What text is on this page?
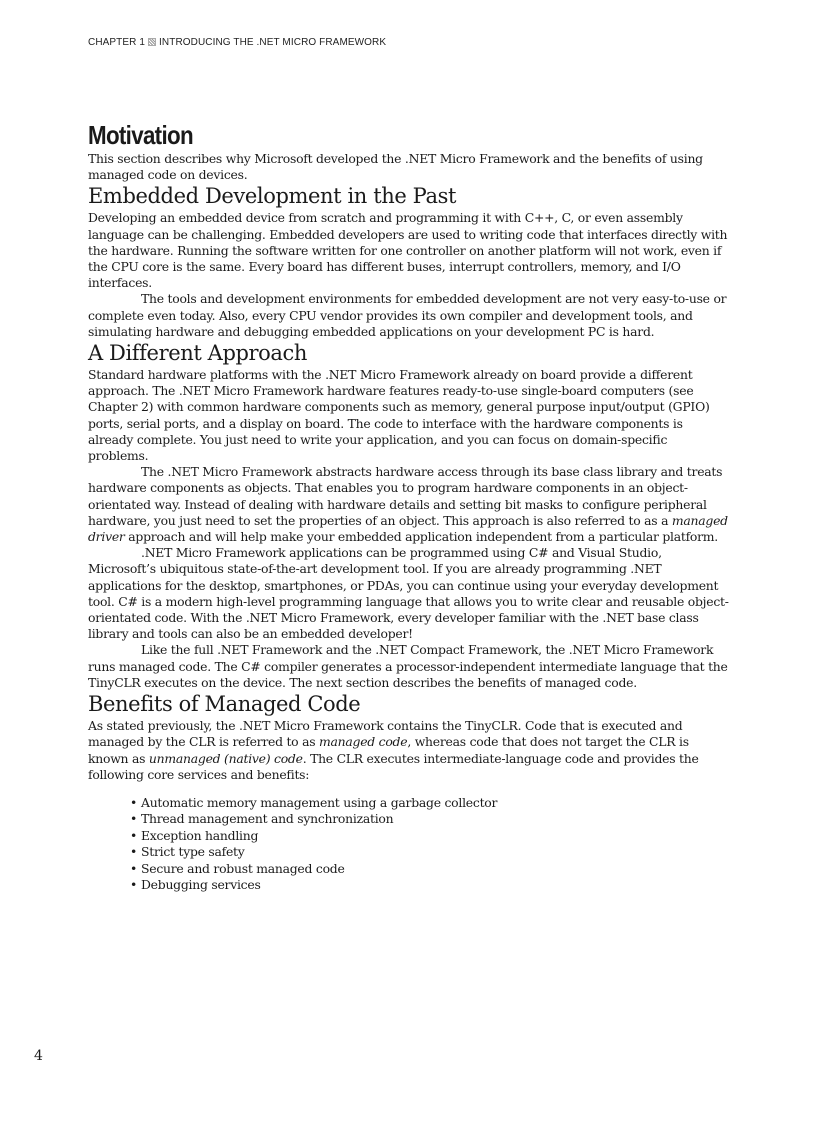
CHAPTER 1 INTRODUCING THE .NET MICRO FRAMEWORK
Motivation

This section describes why Microsoft developed the .NET Micro Framework and the benefits of using managed code on devices.

Embedded Development in the Past

Developing an embedded device from scratch and programming it with C++, C, or even assembly language can be challenging. Embedded developers are used to writing code that interfaces directly with the hardware. Running the software written for one controller on another platform will not work, even if the CPU core is the same. Every board has different buses, interrupt controllers, memory, and I/O interfaces.

The tools and development environments for embedded development are not very easy-to-use or complete even today. Also, every CPU vendor provides its own compiler and development tools, and simulating hardware and debugging embedded applications on your development PC is hard.

A Different Approach

Standard hardware platforms with the .NET Micro Framework already on board provide a different approach. The .NET Micro Framework hardware features ready-to-use single-board computers (see Chapter 2) with common hardware components such as memory, general purpose input/output (GPIO) ports, serial ports, and a display on board. The code to interface with the hardware components is already complete. You just need to write your application, and you can focus on domain-specific problems.

The .NET Micro Framework abstracts hardware access through its base class library and treats hardware components as objects. That enables you to program hardware components in an object-orientated way. Instead of dealing with hardware details and setting bit masks to configure peripheral hardware, you just need to set the properties of an object. This approach is also referred to as a managed driver approach and will help make your embedded application independent from a particular platform.

.NET Micro Framework applications can be programmed using C# and Visual Studio, Microsoft’s ubiquitous state-of-the-art development tool. If you are already programming .NET applications for the desktop, smartphones, or PDAs, you can continue using your everyday development tool. C# is a modern high-level programming language that allows you to write clear and reusable object-orientated code. With the .NET Micro Framework, every developer familiar with the .NET base class library and tools can also be an embedded developer!

Like the full .NET Framework and the .NET Compact Framework, the .NET Micro Framework runs managed code. The C# compiler generates a processor-independent intermediate language that the TinyCLR executes on the device. The next section describes the benefits of managed code.

Benefits of Managed Code

As stated previously, the .NET Micro Framework contains the TinyCLR. Code that is executed and managed by the CLR is referred to as managed code, whereas code that does not target the CLR is known as unmanaged (native) code. The CLR executes intermediate-language code and provides the following core services and benefits:

• Automatic memory management using a garbage collector
• Thread management and synchronization
• Exception handling
• Strict type safety
• Secure and robust managed code
• Debugging services
4
